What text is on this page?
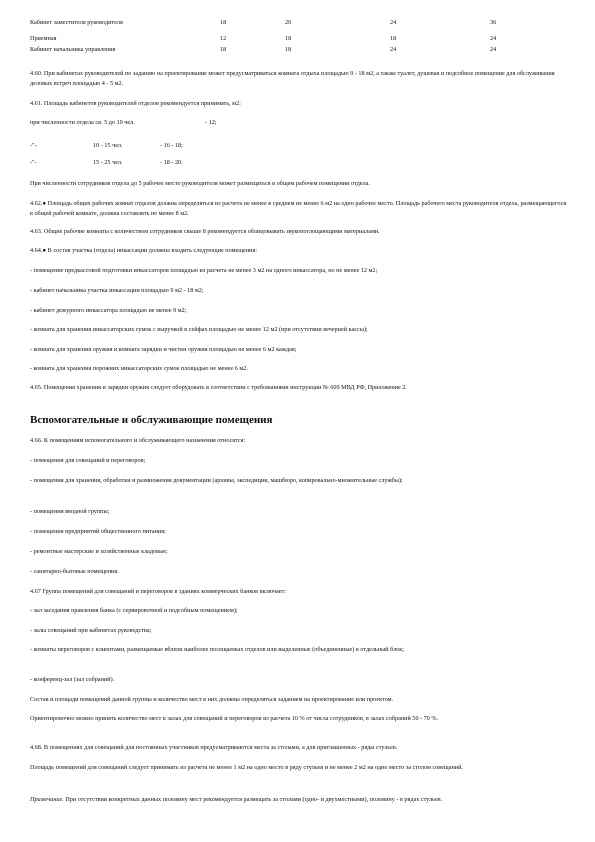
Кабинет заместителя руководителя	18	20	24	36
Приемная	12	18	18	24
Кабинет начальника управления	18	18	24	24
4.60. При кабинетах руководителей по заданию на проектирование может предусматриваться комната отдыха площадью 9 - 18 м2, а также туалет, душевая и подсобное помещение для обслуживания деловых встреч площадью 4 - 5 м2.
4.61. Площадь кабинетов руководителей отделов рекомендуется принимать, м2:
при численности отдела св. 5 до 10 чел.	- 12;
-"-	10 - 15 чел.	- 16 - 18;
-"-	15 - 25 чел.	- 18 - 20.
При численности сотрудников отдела до 5 рабочее место руководителя может размещаться в общем рабочем помещении отдела.
4.62.● Площадь общих рабочих комнат отделов должна определяться из расчета не менее в среднем не менее 6 м2 на одно рабочее место. Площадь рабочего места руководителя отдела, размещающегося в общей рабочей комнате, должна составлять не менее 8 м2.
4.63. Общие рабочие комнаты с количеством сотрудников свыше 8 рекомендуется облицовывать звукопоглощающими материалами.
4.64.● В состав участка (отдела) инкассации должны входить следующие помещения:
- помещение предкассовой подготовки инкассаторов площадью из расчета не менее 3 м2 на одного инкассатора, но не менее 12 м2;
- кабинет начальника участка инкассации площадью 9 м2 - 18 м2;
- кабинет дежурного инкассатора площадью не менее 9 м2;
- комната для хранения инкассаторских сумок с выручкой в сейфах площадью не менее 12 м2 (при отсутствии вечерней кассы);
- комната для хранения оружия и комната зарядки и чистки оружия площадью не менее 6 м2 каждая;
- комната для хранения порожних инкассаторских сумок площадью не менее 6 м2.
4.65. Помещения хранения и зарядки оружия следует оборудовать в соответствии с требованиями инструкции № 609 МВД РФ, Приложение 2.
Вспомогательные и обслуживающие помещения
4.66. К помещениям вспомогательного и обслуживающего назначения относятся:
- помещения для совещаний и переговоров;
- помещения для хранения, обработки и размножения документации (архивы, экспедиции, машбюро, копировально-множительные службы);
- помещения вводной группы;
- помещения предприятий общественного питания;
- ремонтные мастерские и хозяйственные кладовые;
- санитарно-бытовые помещения.
4.67 Группа помещений для совещаний и переговоров в зданиях коммерческих банков включает:
- зал заседания правления банка (с сервировочной и подсобным помещением);
- залы совещаний при кабинетах руководства;
- комнаты переговоров с клиентами, размещаемые вблизи наиболее посещаемых отделов или выделенные (объединенные) в отдельный блок;
- конференц-зал (зал собраний).
Состав и площади помещений данной группы и количество мест в них должны определяться заданием на проектирование или проектом.
Ориентировочно можно принять количество мест в залах для совещаний и переговоров из расчета 10 % от числа сотрудников, в залах собраний 50 - 70 %.
4.68. В помещениях для совещаний для постоянных участников предусматриваются места за столами, а для приглашенных - ряды стульев.
Площадь помещений для совещаний следует принимать из расчета не менее 1 м2 на одно место в ряду стульев и не менее 2 м2 на одно место за столом совещаний.
Примечание. При отсутствии конкретных данных половину мест рекомендуется размещать за столами (одно- и двухместными), половину - в рядах стульев.
